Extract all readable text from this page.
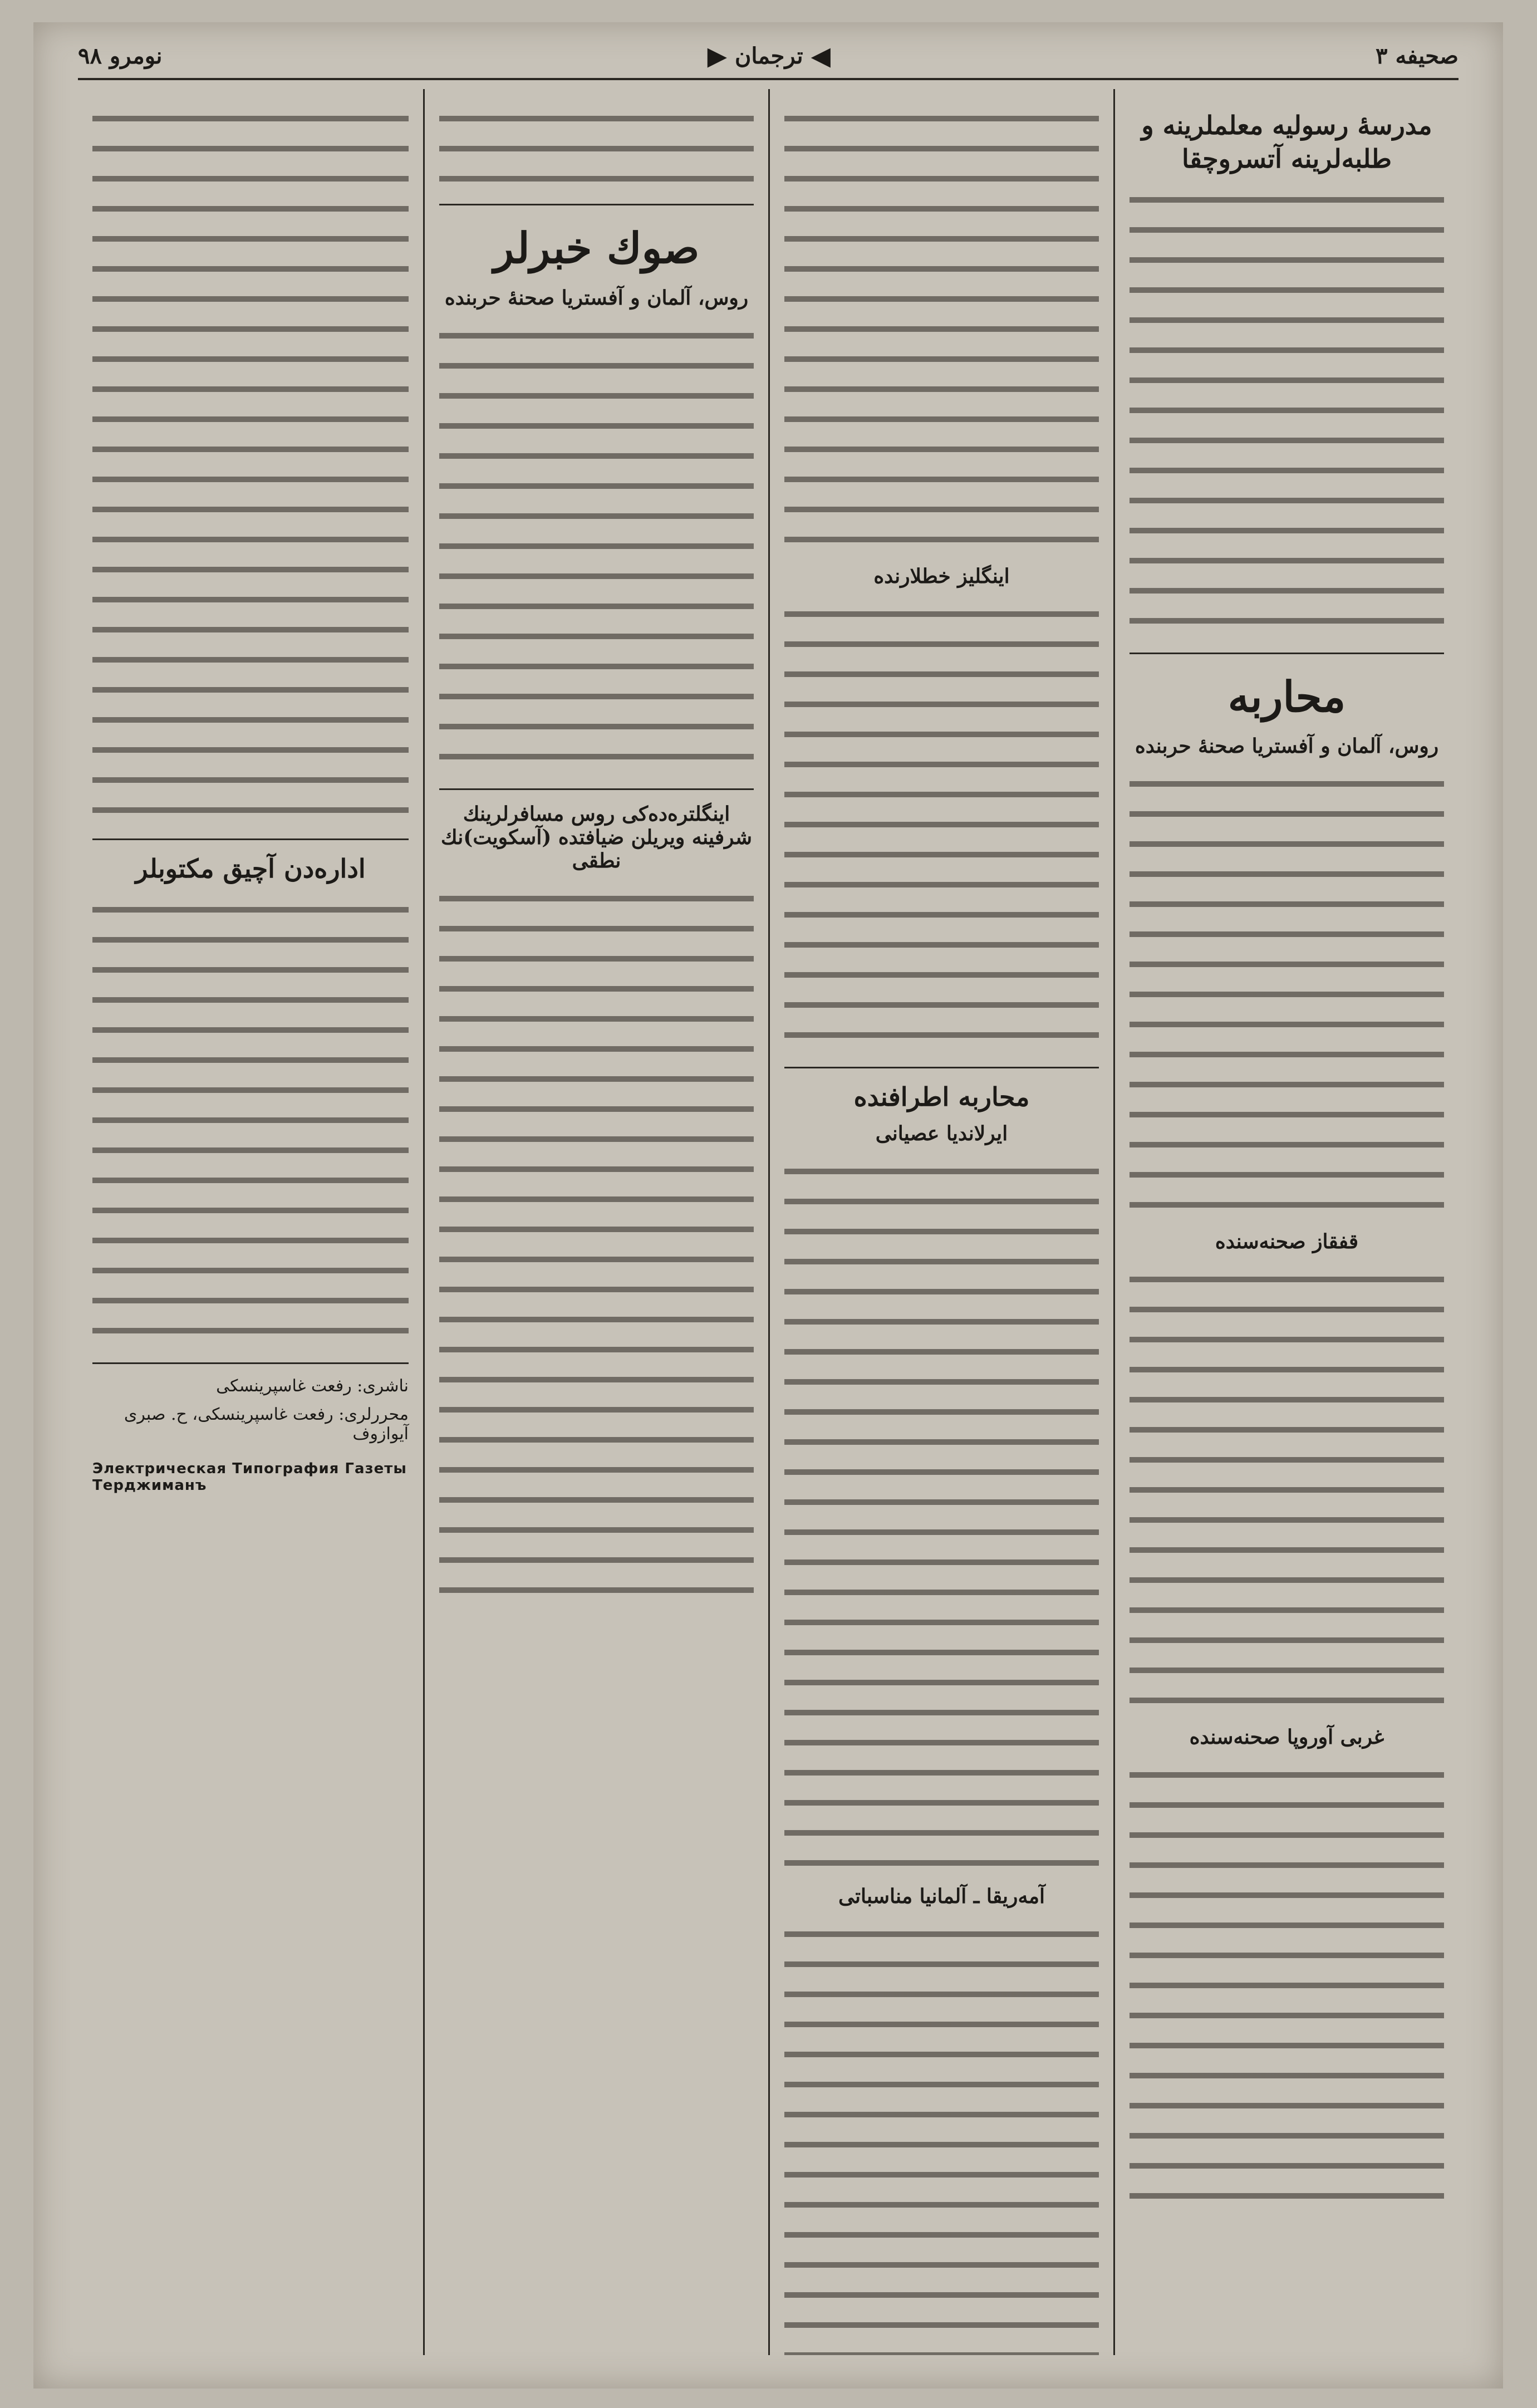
صحیفه ۳
◀
ترجمان
▶
نومرو ۹۸
مدرسهٔ رسولیه معلملرینه و طلبه‌لرینه آتسروچقا
محاربه
روس، آلمان و آفستریا صحنهٔ حربنده
قفقاز صحنه‌سنده
غربی آوروپا صحنه‌سنده
اینگلیز خطلارنده
محاربه اطرافنده
ایرلاندیا عصیانی
آمه‌ریقا ـ آلمانیا مناسباتی
صوك خبرلر
روس، آلمان و آفستریا صحنهٔ حربنده
اینگلتره‌ده‌کی روس مسافرلرینك شرفینه ویریلن ضیافتده (آسکویت)نك نطقی
اداره‌دن آچیق مکتوبلر
ناشری: رفعت غاسپرینسکی
محررلری: رفعت غاسپرینسکی، ح. صبری آیوازوف
Электрическая Типография Газеты Терджиманъ
